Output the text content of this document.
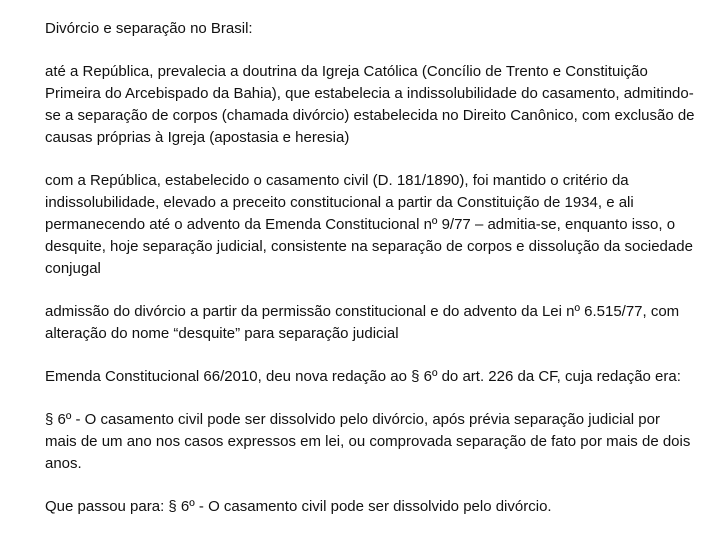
Divórcio e separação no Brasil:

até a República, prevalecia a doutrina da Igreja Católica (Concílio de Trento e Constituição Primeira do Arcebispado da Bahia), que estabelecia a indissolubilidade do casamento, admitindo-se a separação de corpos (chamada divórcio) estabelecida no Direito Canônico, com exclusão de causas próprias à Igreja (apostasia e heresia)

com a República, estabelecido o casamento civil (D. 181/1890), foi mantido o critério da indissolubilidade, elevado a preceito constitucional a partir da Constituição de 1934, e ali permanecendo até o advento da Emenda Constitucional nº 9/77 – admitia-se, enquanto isso, o desquite, hoje separação judicial, consistente na separação de corpos e dissolução da sociedade conjugal

admissão do divórcio a partir da permissão constitucional e do advento da Lei nº 6.515/77, com alteração do nome “desquite” para separação judicial

Emenda Constitucional 66/2010, deu nova redação ao § 6º do art. 226 da CF, cuja redação era:

§ 6º - O casamento civil pode ser dissolvido pelo divórcio, após prévia separação judicial por mais de um ano nos casos expressos em lei, ou comprovada separação de fato por mais de dois anos.

Que passou para: § 6º - O casamento civil pode ser dissolvido pelo divórcio.
